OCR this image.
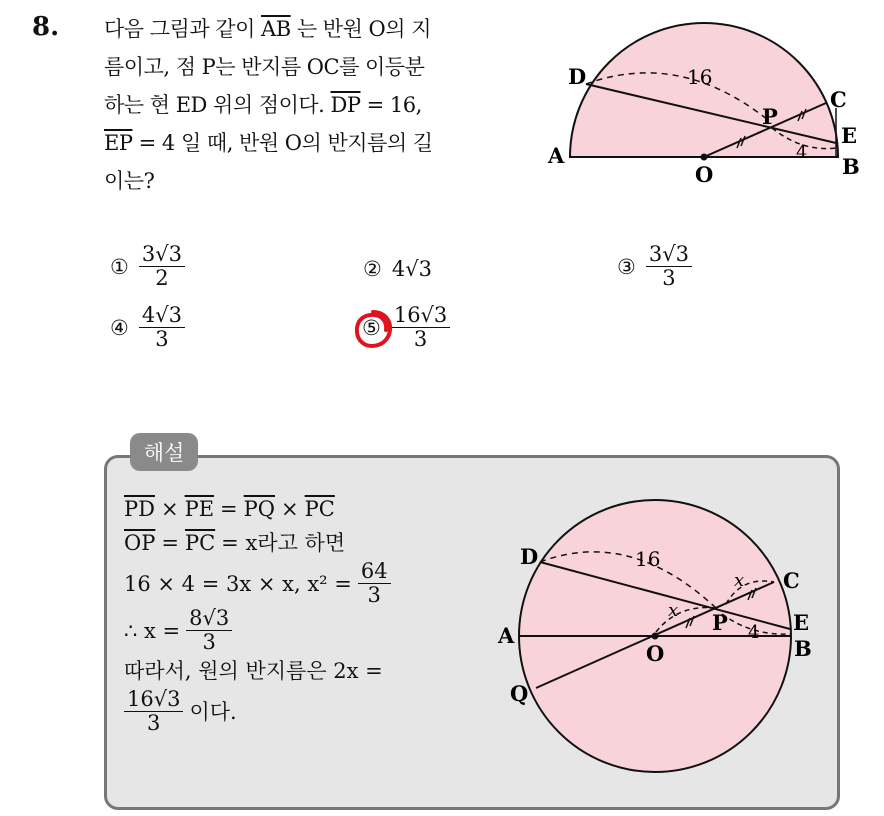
8. 다음 그림과 같이 $\overline{AB}$ 는 반원 O의 지

름이고, 점 P는 반지름 OC를 이등분

하는 현 ED 위의 점이다. $\overline{DP} = 16$,

$\overline{EP} = 4$ 일 때, 반원 O의 반지름의 길

이는?

A	B
C
D
E
O
P
16
4
① $\frac{3√3}{2}$	② 4√3	③ $\frac{3√3}{3}$
④ $\frac{4√3}{3}$	⑤ $\frac{16√3}{3}$
해설
$\overline{PD} \times \overline{PE} = \overline{PQ} \times \overline{PC}$
$\overline{OP} = \overline{PC} = x$라고 하면
16 × 4 = 3x × x, $x^2 = \frac{64}{3}$
∴ $x = \frac{8√3}{3}$
따라서, 원의 반지름은 2x =
$\frac{16√3}{3}$ 이다.
A
B
C
D
E
O
P
Q
16
4
x
x
